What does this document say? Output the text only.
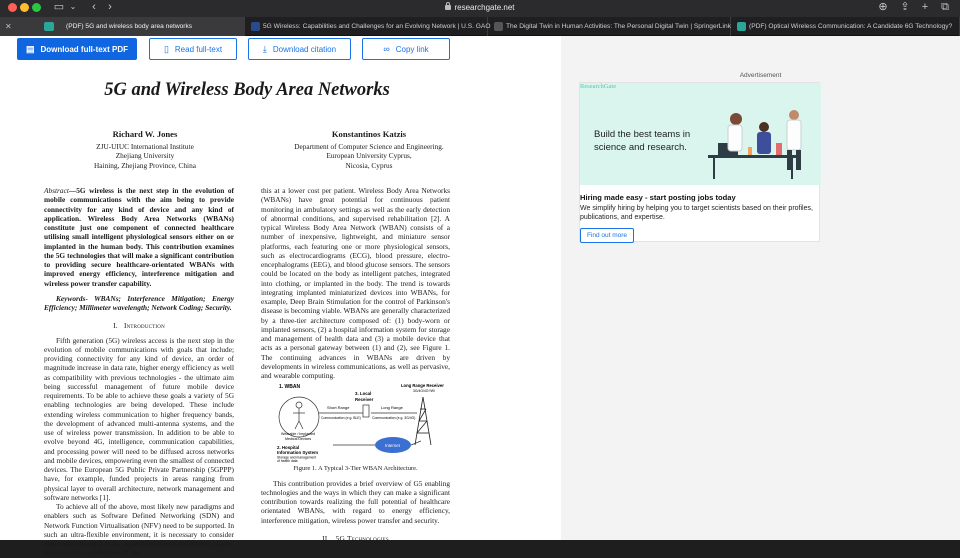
▭ ⌄	‹	›	researchgate.net	⊕ ⇪	+	⧉
✕	(PDF) 5G and wireless body area networks	5G Wireless: Capabilities and Challenges for an Evolving Network | U.S. GAO	The Digital Twin in Human Activities: The Personal Digital Twin | SpringerLink	(PDF) Optical Wireless Communication: A Candidate 6G Technology?
▤ Download full-text PDF	▯ Read full-text	⤓ Download citation	∞ Copy link
5G and Wireless Body Area Networks
Richard W. Jones
ZJU-UIUC International Institute
Zhejiang University
Haining, Zhejiang Province, China
Konstantinos Katzis
Department of Computer Science and Engineering.
European University Cyprus,
Nicosia, Cyprus

Abstract—5G wireless is the next step in the evolution of mobile communications with the aim being to provide connectivity for any kind of device and any kind of application. Wireless Body Area Networks (WBANs) constitute just one component of connected healthcare utilising small intelligent physiological sensors either on or implanted in the human body. This contribution examines the 5G technologies that will make a significant contribution to providing secure healthcare-orientated WBANs with improved energy efficiency, interference mitigation and wireless power transfer capability.

Keywords- WBANs; Interference Mitigation; Energy Efficiency; Millimeter wavelength; Network Coding; Security.

I. Introduction

Fifth generation (5G) wireless access is the next step in the evolution of mobile communications with goals that include; providing connectivity for any kind of device, an order of magnitude increase in data rate, higher energy efficiency as well as compatibility with previous technologies - the ultimate aim being successful management of future mobile device requirements. To be able to achieve these goals a variety of 5G enabling technologies are being developed. These include extending wireless communication to higher frequency bands, the development of advanced multi-antenna systems, and the use of wireless power transmission. In addition to be able to evolve beyond 4G, intelligence, communication capabilities, and processing power will need to be diffused across networks and mobile devices, empowering even the smallest of connected devices. The European 5G Public Private Partnership (5GPPP) have, for example, funded projects in areas ranging from physical layer to overall architecture, network management and software networks [1].

To achieve all of the above, most likely new paradigms and enablers such as Software Defined Networking (SDN) and Network Function Virtualisation (NFV) need to be supported. In such an ultra-flexible environment, it is necessary to consider new solutions, such as the separation of user and control planes, and possibly, re-definition of the

this at a lower cost per patient. Wireless Body Area Networks (WBANs) have great potential for continuous patient monitoring in ambulatory settings as well as the early detection of abnormal conditions, and supervised rehabilitation [2]. A typical Wireless Body Area Network (WBAN) consists of a number of inexpensive, lightweight, and miniature sensor platforms, each featuring one or more physiological sensors, such as electrocardiograms (ECG), blood pressure, electro-encephalograms (EEG), and blood glucose sensors. The sensors could be located on the body as intelligent patches, integrated into clothing, or implanted in the body. The trend is towards integrating implanted miniaturized devices into WBANs, for example, Deep Brain Stimulation for the control of Parkinson's disease is becoming viable. WBANs are generally characterized by a three-tier architecture composed of: (1) body-worn or implanted sensors, (2) a hospital information system for storage and management of health data and (3) a mobile device that acts as a personal gateway between (1) and (2), see Figure 1. The continuing advances in WBANs are driven by developments in wireless communications, as well as pervasive, and wearable computing.

1. WBAN
Wearable / Implanted
Medical Devices
Short Range
Communication (e.g. BLE)
3. Local
Receiver
Long Range
Communication (e.g. 3G/4G)
Long Range Receiver
3G/4G/4G*/Wi
2. Hospital
Information System
Storage and management
of health data
Internet
Figure 1. A Typical 3-Tier WBAN Architecture.

This contribution provides a brief overview of G5 enabling technologies and the ways in which they can make a significant contribution towards realizing the full potential of healthcare orientated WBANs, with regard to energy efficiency, interference mitigation, wireless power transfer and security.

II. 5G Technologies
Advertisement
ResearchGate
Build the best teams in science and research.
Hiring made easy - start posting jobs today
We simplify hiring by helping you to target scientists based on their profiles, publications, and expertise.
Find out more
